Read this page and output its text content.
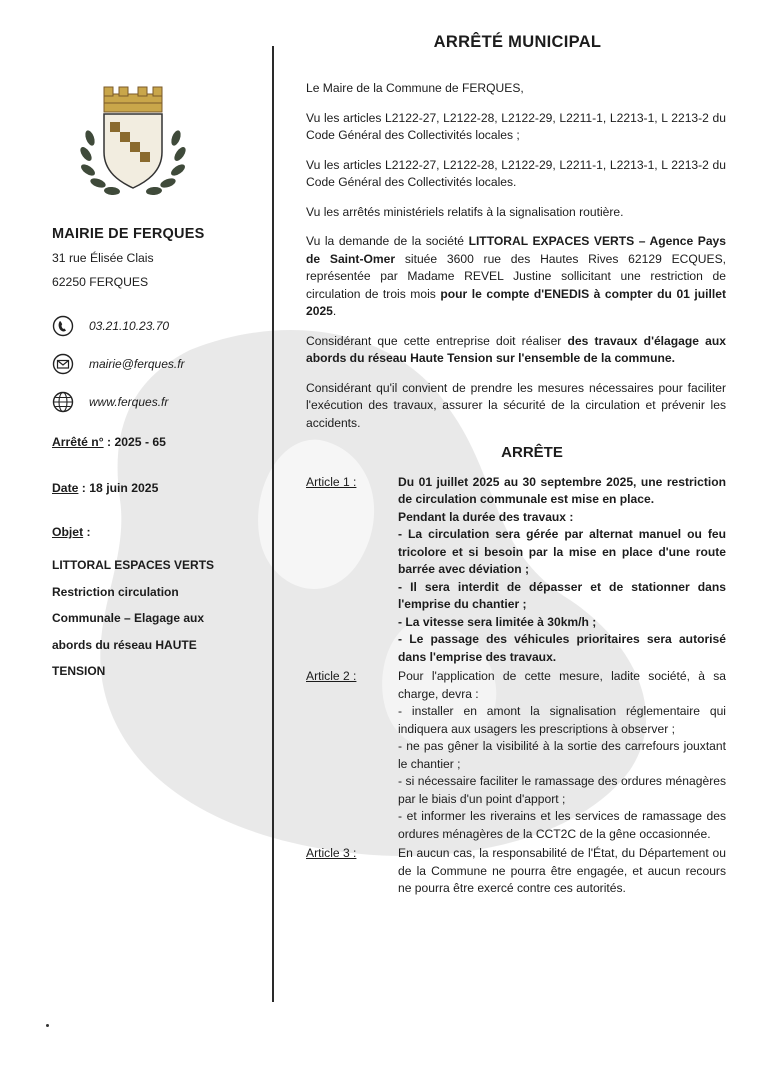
MAIRIE DE FERQUES
31 rue Élisée Clais
62250 FERQUES
03.21.10.23.70
mairie@ferques.fr
www.ferques.fr
Arrêté n° : 2025 - 65
Date : 18 juin 2025
Objet :
LITTORAL ESPACES VERTS
Restriction circulation
Communale – Elagage aux
abords du réseau HAUTE
TENSION
ARRÊTÉ MUNICIPAL

Le Maire de la Commune de FERQUES,

Vu les articles L2122-27, L2122-28, L2122-29, L2211-1, L2213-1, L 2213-2 du Code Général des Collectivités locales ;

Vu les articles L2122-27, L2122-28, L2122-29, L2211-1, L2213-1, L 2213-2 du Code Général des Collectivités locales.

Vu les arrêtés ministériels relatifs à la signalisation routière.

Vu la demande de la société LITTORAL EXPACES VERTS – Agence Pays de Saint-Omer située 3600 rue des Hautes Rives 62129 ECQUES, représentée par Madame REVEL Justine sollicitant une restriction de circulation de trois mois pour le compte d'ENEDIS à compter du 01 juillet 2025.

Considérant que cette entreprise doit réaliser des travaux d'élagage aux abords du réseau Haute Tension sur l'ensemble de la commune.

Considérant qu'il convient de prendre les mesures nécessaires pour faciliter l'exécution des travaux, assurer la sécurité de la circulation et prévenir les accidents.

ARRÊTE
Article 1 :	Du 01 juillet 2025 au 30 septembre 2025, une restriction de circulation communale est mise en place.
Pendant la durée des travaux :
- La circulation sera gérée par alternat manuel ou feu tricolore et si besoin par la mise en place d'une route barrée avec déviation ;
- Il sera interdit de dépasser et de stationner dans l'emprise du chantier ;
- La vitesse sera limitée à 30km/h ;
- Le passage des véhicules prioritaires sera autorisé dans l'emprise des travaux.
Article 2 :	Pour l'application de cette mesure, ladite société, à sa charge, devra :
- installer en amont la signalisation réglementaire qui indiquera aux usagers les prescriptions à observer ;
- ne pas gêner la visibilité à la sortie des carrefours jouxtant le chantier ;
- si nécessaire faciliter le ramassage des ordures ménagères par le biais d'un point d'apport ;
- et informer les riverains et les services de ramassage des ordures ménagères de la CCT2C de la gêne occasionnée.
Article 3 :	En aucun cas, la responsabilité de l'État, du Département ou de la Commune ne pourra être engagée, et aucun recours ne pourra être exercé contre ces autorités.
